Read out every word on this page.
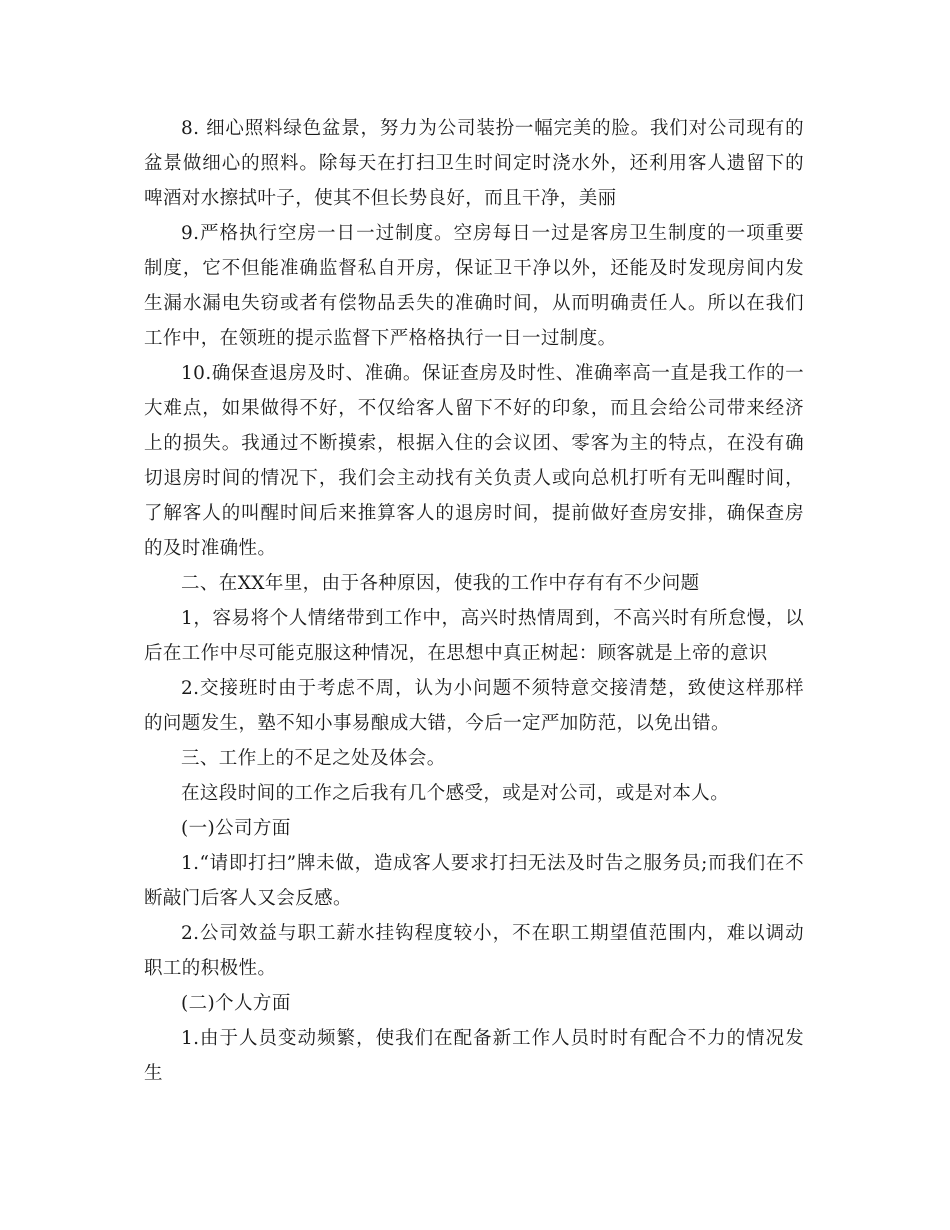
8. 细心照料绿色盆景，努力为公司装扮一幅完美的脸。我们对公司现有的盆景做细心的照料。除每天在打扫卫生时间定时浇水外，还利用客人遗留下的啤酒对水擦拭叶子，使其不但长势良好，而且干净，美丽

9.严格执行空房一日一过制度。空房每日一过是客房卫生制度的一项重要制度，它不但能准确监督私自开房，保证卫干净以外，还能及时发现房间内发生漏水漏电失窃或者有偿物品丢失的准确时间，从而明确责任人。所以在我们工作中，在领班的提示监督下严格格执行一日一过制度。

10.确保查退房及时、准确。保证查房及时性、准确率高一直是我工作的一大难点，如果做得不好，不仅给客人留下不好的印象，而且会给公司带来经济上的损失。我通过不断摸索，根据入住的会议团、零客为主的特点，在没有确切退房时间的情况下，我们会主动找有关负责人或向总机打听有无叫醒时间，了解客人的叫醒时间后来推算客人的退房时间，提前做好查房安排，确保查房的及时准确性。

二、在XX年里，由于各种原因，使我的工作中存有有不少问题

1，容易将个人情绪带到工作中，高兴时热情周到，不高兴时有所怠慢，以后在工作中尽可能克服这种情况，在思想中真正树起：顾客就是上帝的意识

2.交接班时由于考虑不周，认为小问题不须特意交接清楚，致使这样那样的问题发生，塾不知小事易酿成大错，今后一定严加防范，以免出错。

三、工作上的不足之处及体会。

在这段时间的工作之后我有几个感受，或是对公司，或是对本人。

(一)公司方面

1.“请即打扫”牌未做，造成客人要求打扫无法及时告之服务员;而我们在不断敲门后客人又会反感。

2.公司效益与职工薪水挂钩程度较小，不在职工期望值范围内，难以调动职工的积极性。

(二)个人方面

1.由于人员变动频繁，使我们在配备新工作人员时时有配合不力的情况发生
